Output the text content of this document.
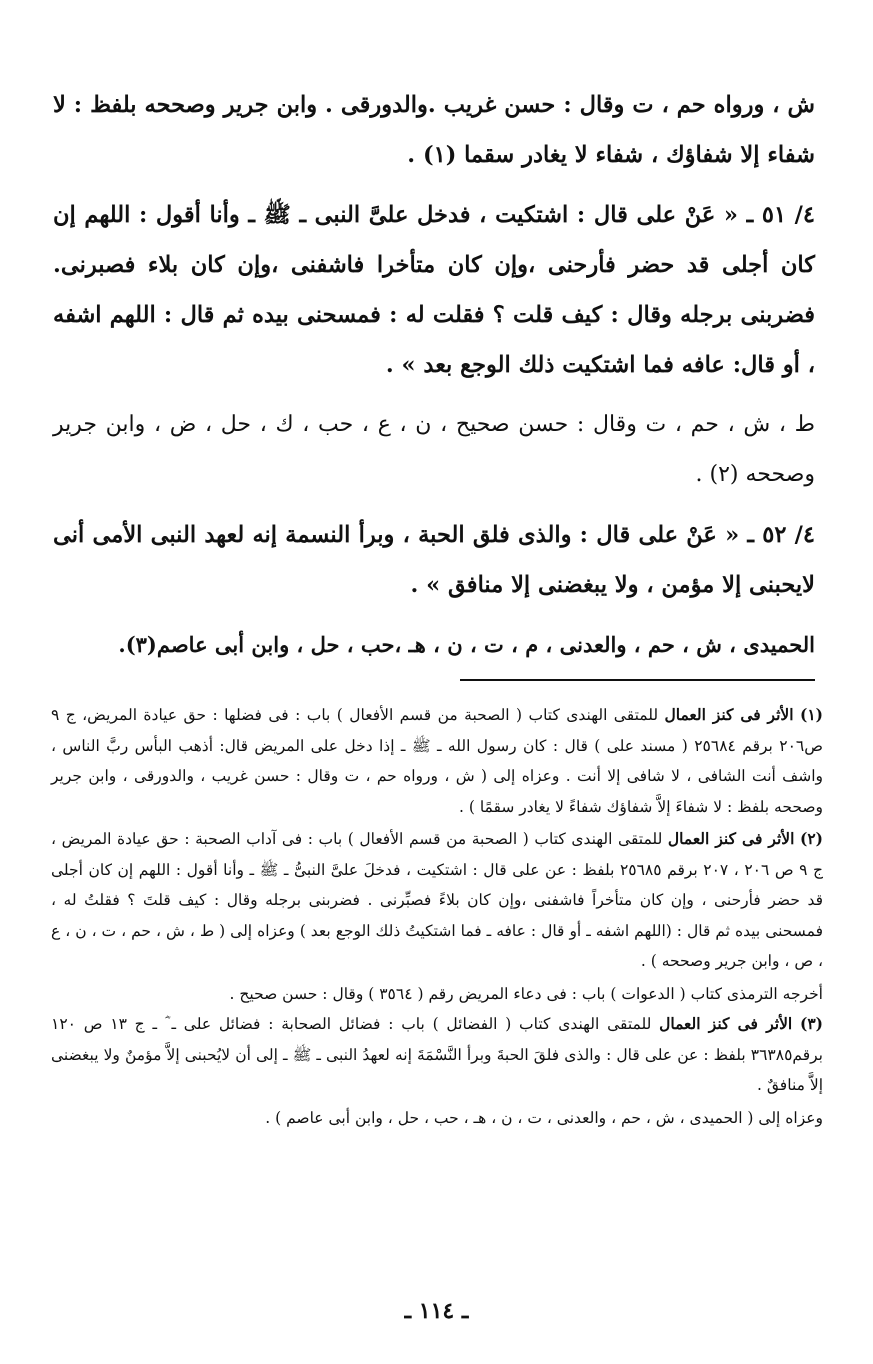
ش ، ورواه حم ، ت وقال : حسن غريب .والدورقى . وابن جرير وصححه بلفظ : لا شفاء إلا شفاؤك ، شفاء لا يغادر سقما (١) .

٤/ ٥١ ـ « عَنْ على قال : اشتكيت ، فدخل علىَّ النبى ـ ﷺ ـ وأنا أقول : اللهم إن كان أجلى قد حضر فأرحنى ،وإن كان متأخرا فاشفنى ،وإن كان بلاء فصبرنى. فضربنى برجله وقال : كيف قلت ؟ فقلت له : فمسحنى بيده ثم قال : اللهم اشفه ، أو قال: عافه فما اشتكيت ذلك الوجع بعد » .

ط ، ش ، حم ، ت وقال : حسن صحيح ، ن ، ع ، حب ، ك ، حل ، ض ، وابن جرير وصححه (٢) .

٤/ ٥٢ ـ « عَنْ على قال : والذى فلق الحبة ، وبرأ النسمة إنه لعهد النبى الأمى أنى لايحبنى إلا مؤمن ، ولا يبغضنى إلا منافق » .

الحميدى ، ش ، حم ، والعدنى ، م ، ت ، ن ، هـ ،حب ، حل ، وابن أبى عاصم(٣).

(١) الأثر فى كنز العمال للمتقى الهندى كتاب ( الصحبة من قسم الأفعال ) باب : فى فضلها : حق عيادة المريض، ج ٩ ص٢٠٦ برقم ٢٥٦٨٤ ( مسند على ) قال : كان رسول الله ـ ﷺ ـ إذا دخل على المريض قال: أذهب البأس ربَّ الناس ، واشف أنت الشافى ، لا شافى إلا أنت . وعزاه إلى ( ش ، ورواه حم ، ت وقال : حسن غريب ، والدورقى ، وابن جرير وصححه بلفظ : لا شفاءَ إلاَّ شفاؤك شفاءً لا يغادر سقمًا ) .

(٢) الأثر فى كنز العمال للمتقى الهندى كتاب ( الصحبة من قسم الأفعال ) باب : فى آداب الصحبة : حق عيادة المريض ، ج ٩ ص ٢٠٦ ، ٢٠٧ برقم ٢٥٦٨٥ بلفظ : عن على قال : اشتكيت ، فدخلَ علىَّ النبىُّ ـ ﷺ ـ وأنا أقول : اللهم إن كان أجلى قد حضر فأرحنى ، وإن كان متأخراً فاشفنى ،وإن كان بلاءً فصبِّرنى . فضربنى برجله وقال : كيف قلتَ ؟ فقلتُ له ، فمسحنى بيده ثم قال : (اللهم اشفه ـ أو قال : عافه ـ فما اشتكيتُ ذلك الوجع بعد ) وعزاه إلى ( ط ، ش ، حم ، ت ، ن ، ع ، ص ، وابن جرير وصححه ) .

أخرجه الترمذى كتاب ( الدعوات ) باب : فى دعاء المريض رقم ( ٣٥٦٤ ) وقال : حسن صحيح .

(٣) الأثر فى كنز العمال للمتقى الهندى كتاب ( الفضائل ) باب : فضائل الصحابة : فضائل على ـ ؓ ـ ج ١٣ ص ١٢٠ برقم٣٦٣٨٥ بلفظ : عن على قال : والذى فلقَ الحبةَ وبرأ النَّسْمَةَ إنه لعهدُ النبى ـ ﷺ ـ إلى أن لايُحبنى إلاَّ مؤمنٌ ولا يبغضنى إلاَّ منافقٌ .

وعزاه إلى ( الحميدى ، ش ، حم ، والعدنى ، ت ، ن ، هـ ، حب ، حل ، وابن أبى عاصم ) .

ـ ١١٤ ـ
